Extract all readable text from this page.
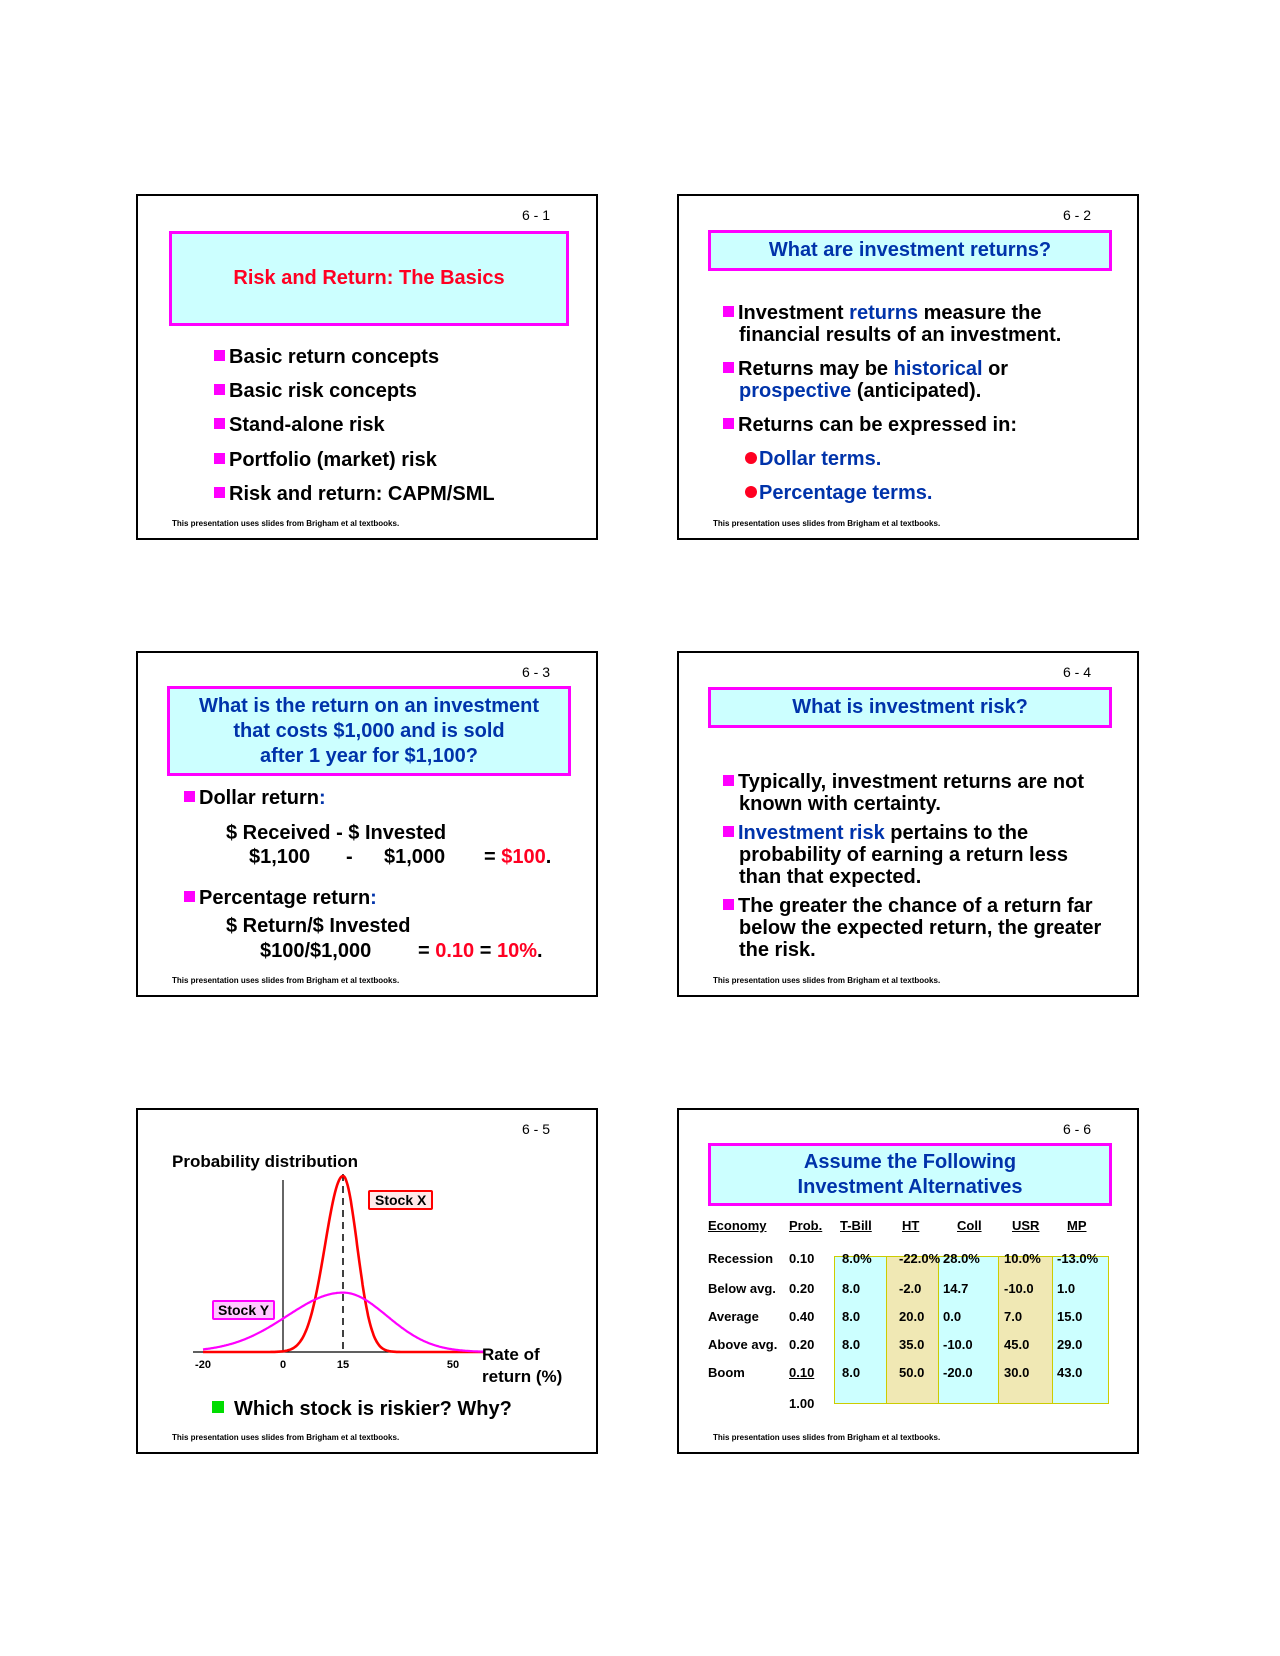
6 - 1
Risk and Return: The Basics
Basic return concepts
Basic risk concepts
Stand-alone risk
Portfolio (market) risk
Risk and return: CAPM/SML
This presentation uses slides from Brigham et al textbooks.
6 - 2
What are investment returns?
Investment returns measure the financial results of an investment.
Returns may be historical or prospective (anticipated).
Returns can be expressed in:
Dollar terms.
Percentage terms.
This presentation uses slides from Brigham et al textbooks.
6 - 3
What is the return on an investment
that costs $1,000 and is sold
after 1 year for $1,100?
Dollar return:
$ Received - $ Invested
$1,100 - $1,000 = $100.
Percentage return:
$ Return/$ Invested
$100/$1,000 = 0.10 = 10%.
This presentation uses slides from Brigham et al textbooks.
6 - 4
What is investment risk?
Typically, investment returns are not known with certainty.
Investment risk pertains to the probability of earning a return less than that expected.
The greater the chance of a return far below the expected return, the greater the risk.
This presentation uses slides from Brigham et al textbooks.
6 - 5
Probability distribution
-20	0	15	50
Stock X
Stock Y
Rate of
return (%)
Which stock is riskier? Why?
This presentation uses slides from Brigham et al textbooks.
6 - 6
Assume the Following
Investment Alternatives
Economy Prob. T-Bill HT	Coll USR MP
Recession 0.10 8.0% -22.0% 28.0% 10.0% -13.0%
Below avg. 0.20 8.0	-2.0 14.7	-10.0 1.0
Average 0.40 8.0	20.0 0.0	7.0	15.0
Above avg. 0.20 8.0	35.0 -10.0 45.0 29.0
Boom	0.10 8.0	50.0 -20.0 30.0 43.0
1.00
This presentation uses slides from Brigham et al textbooks.
